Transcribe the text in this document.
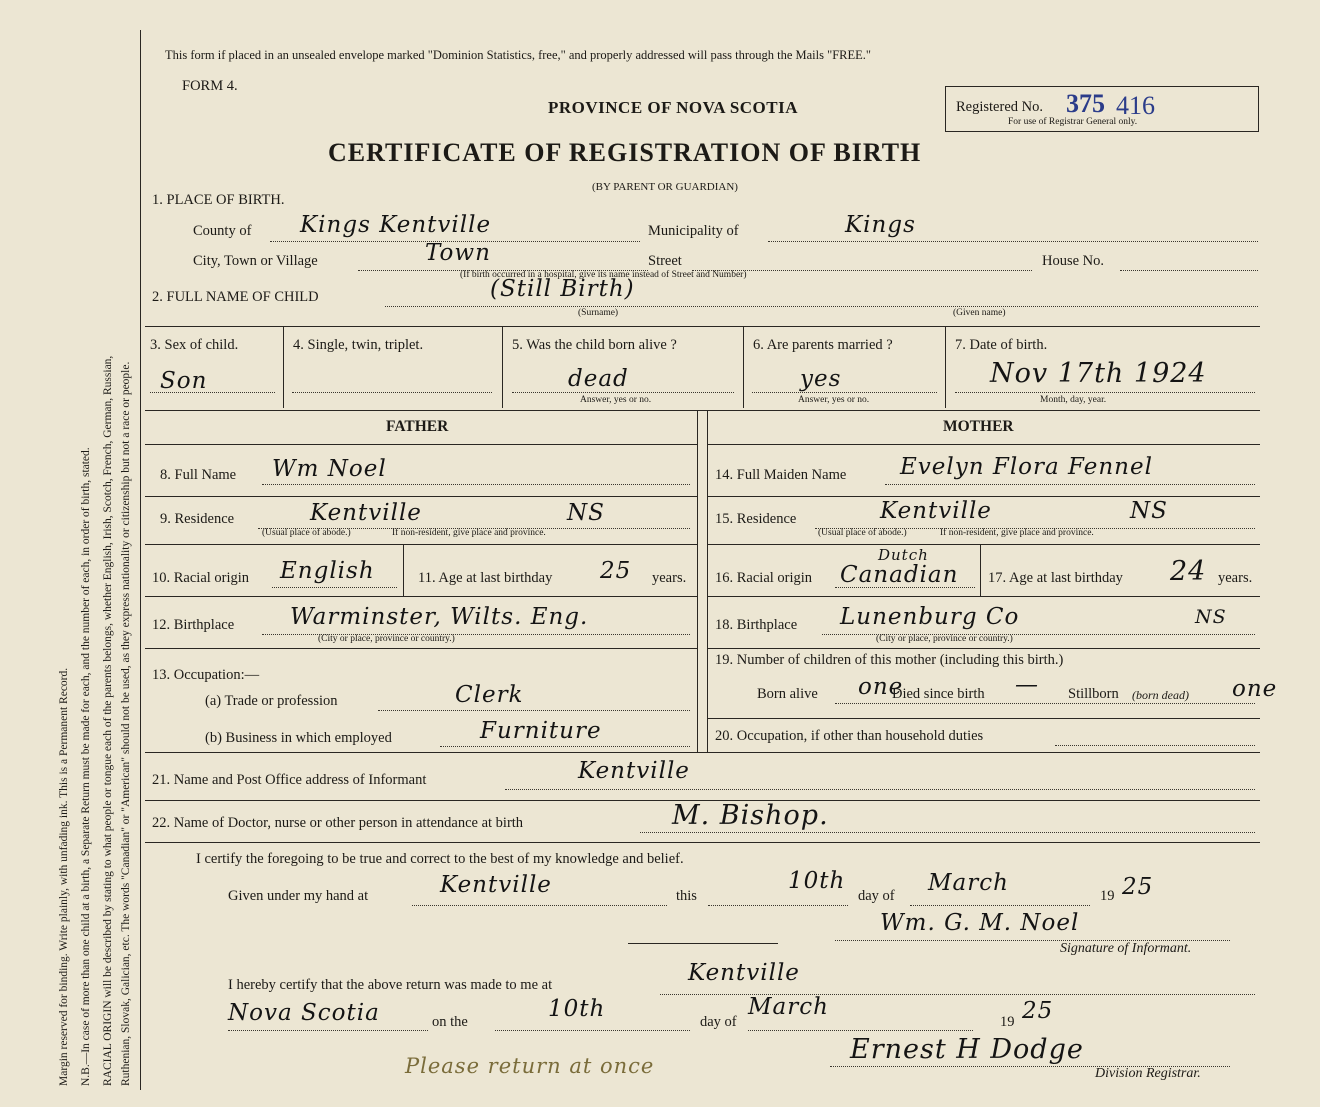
Margin reserved for binding. Write plainly, with unfading ink. This is a Permanent Record. N.B.—In case of more than one child at a birth, a Separate Return must be made for each, and the number of each, in order of birth, stated. RACIAL ORIGIN will be described by stating to what people or tongue each of the parents belongs, whether English, Irish, Scotch, French, German, Russian, Ruthenian, Slovak, Galician, etc. The words "Canadian" or "American" should not be used, as they express nationality or citizenship but not a race or people.
This form if placed in an unsealed envelope marked "Dominion Statistics, free," and properly addressed will pass through the Mails "FREE."
FORM 4.
PROVINCE OF NOVA SCOTIA
CERTIFICATE OF REGISTRATION OF BIRTH
(BY PARENT OR GUARDIAN)
Registered No. 375 416
For use of Registrar General only.
1. PLACE OF BIRTH.
County of Kings Kentville	Municipality of	Kings
City, Town or Village	Town	Street	House No.
(If birth occurred in a hospital, give its name instead of Street and Number)
2. FULL NAME OF CHILD	(Still Birth)
(Surname)	(Given name)
3. Sex of child.
Son
4. Single, twin, triplet.	5. Was the child born alive ?
dead
Answer, yes or no.
6. Are parents married ?
yes
Answer, yes or no.
7. Date of birth.
Nov 17th 1924
Month, day, year.
FATHER	MOTHER
8. Full Name Wm Noel
9. Residence	Kentville	NS
(Usual place of abode.)	If non-resident, give place and province.
10. Racial origin English	11. Age at last birthday 25 years.
12. Birthplace Warminster, Wilts. Eng.
(City or place, province or country.)
13. Occupation:—
(a) Trade or profession	Clerk
(b) Business in which employed	Furniture
14. Full Maiden Name Evelyn Flora Fennel
15. Residence	Kentville	NS
(Usual place of abode.)	If non-resident, give place and province.
16. Racial origin
Dutch
Canadian 17. Age at last birthday 24 years.
18. Birthplace Lunenburg Co	NS
(City or place, province or country.)
19. Number of children of this mother (including this birth.)
Born alive one
Died since birth — Stillborn (born dead) one
20. Occupation, if other than household duties
21. Name and Post Office address of Informant	Kentville
22. Name of Doctor, nurse or other person in attendance at birth	M. Bishop.
I certify the foregoing to be true and correct to the best of my knowledge and belief.
Given under my hand at	Kentville	this
10th
day of March	19 25
Wm. G. M. Noel
Signature of Informant.
I hereby certify that the above return was made to me at	Kentville
Nova Scotia	on the	10th	day of
March
19 25
Ernest H Dodge
Division Registrar.
Please return at once
